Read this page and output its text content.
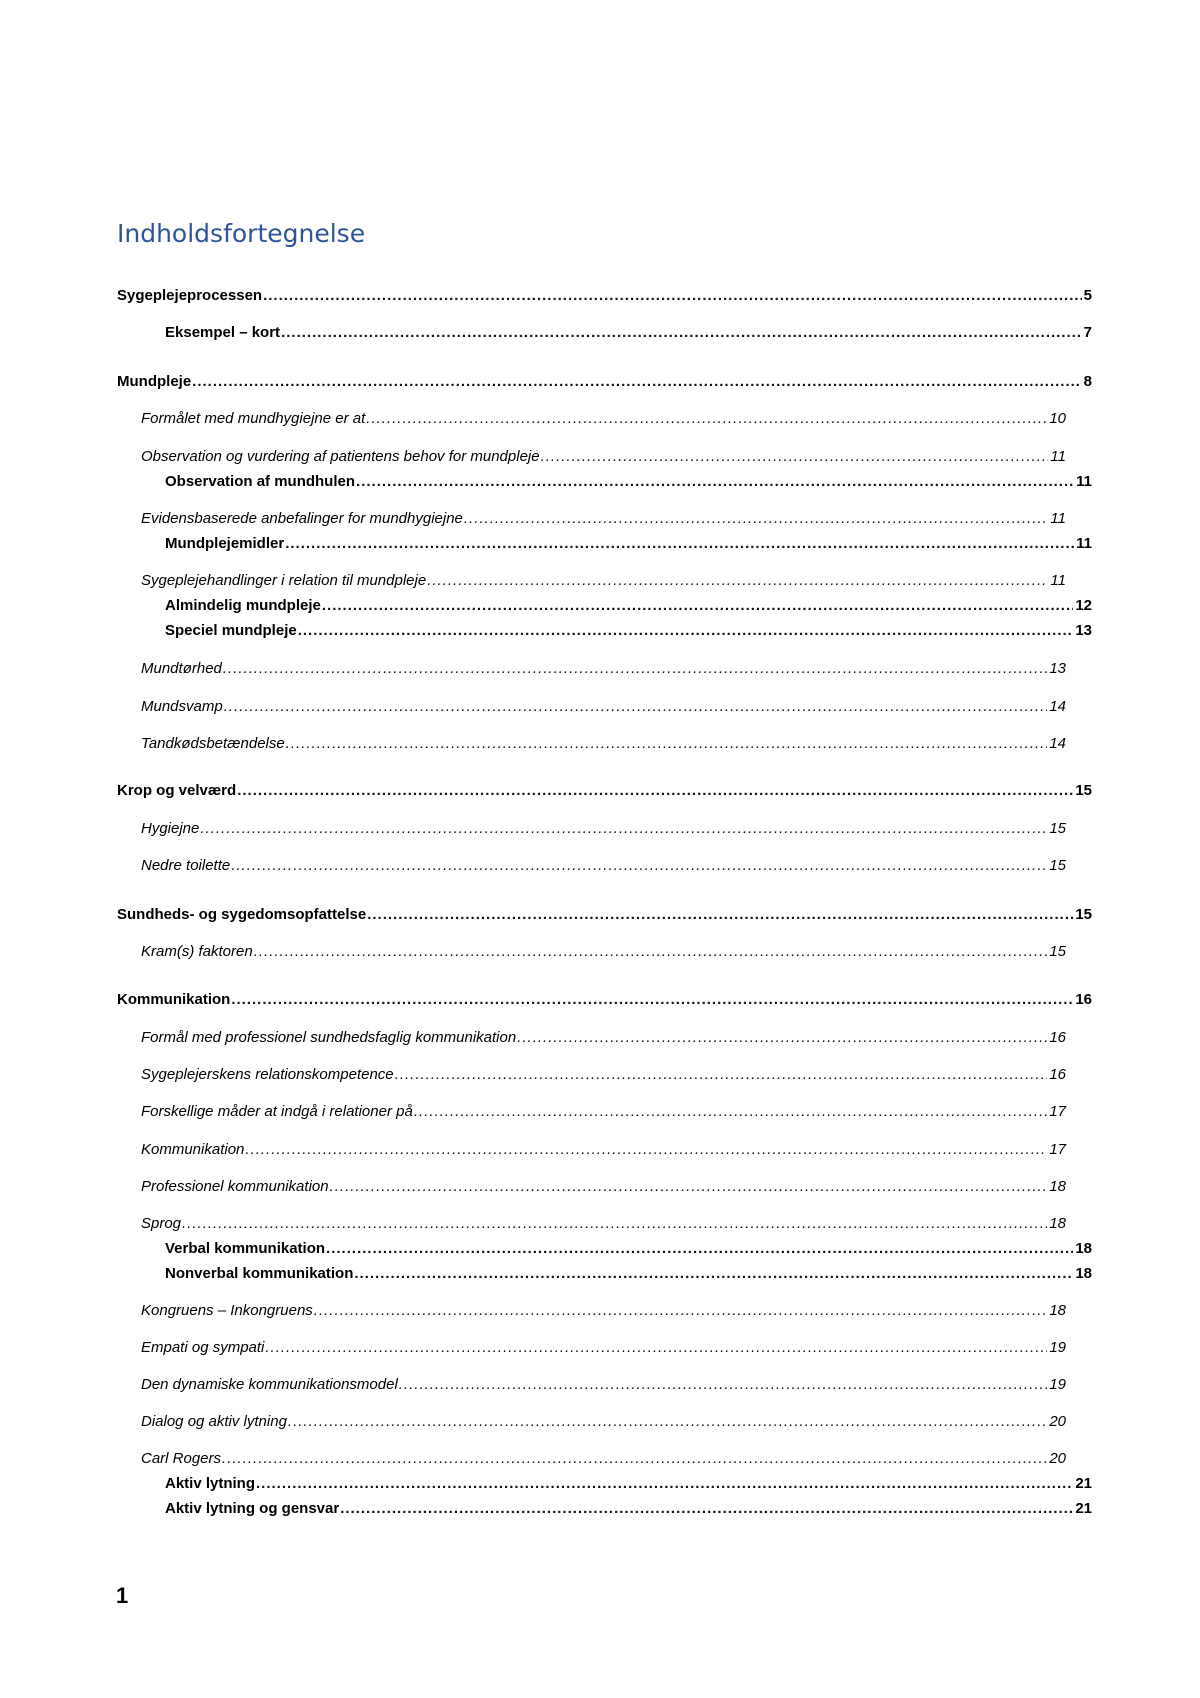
Indholdsfortegnelse
Sygeplejeprocessen .....	5
Eksempel – kort .....	7
Mundpleje .....	8
Formålet med mundhygiejne er at .....	10
Observation og vurdering af patientens behov for mundpleje .....	11
Observation af mundhulen .....	11
Evidensbaserede anbefalinger for mundhygiejne .....	11
Mundplejemidler .....	11
Sygeplejehandlinger i relation til mundpleje .....	11
Almindelig mundpleje .....	12
Speciel mundpleje .....	13
Mundtørhed .....	13
Mundsvamp .....	14
Tandkødsbetændelse .....	14
Krop og velværd .....	15
Hygiejne .....	15
Nedre toilette .....	15
Sundheds- og sygedomsopfattelse .....	15
Kram(s) faktoren .....	15
Kommunikation .....	16
Formål med professionel sundhedsfaglig kommunikation .....	16
Sygeplejerskens relationskompetence .....	16
Forskellige måder at indgå i relationer på .....	17
Kommunikation .....	17
Professionel kommunikation .....	18
Sprog .....	18
Verbal kommunikation .....	18
Nonverbal kommunikation .....	18
Kongruens – Inkongruens .....	18
Empati og sympati .....	19
Den dynamiske kommunikationsmodel .....	19
Dialog og aktiv lytning .....	20
Carl Rogers .....	20
Aktiv lytning .....	21
Aktiv lytning og gensvar .....	21
1
